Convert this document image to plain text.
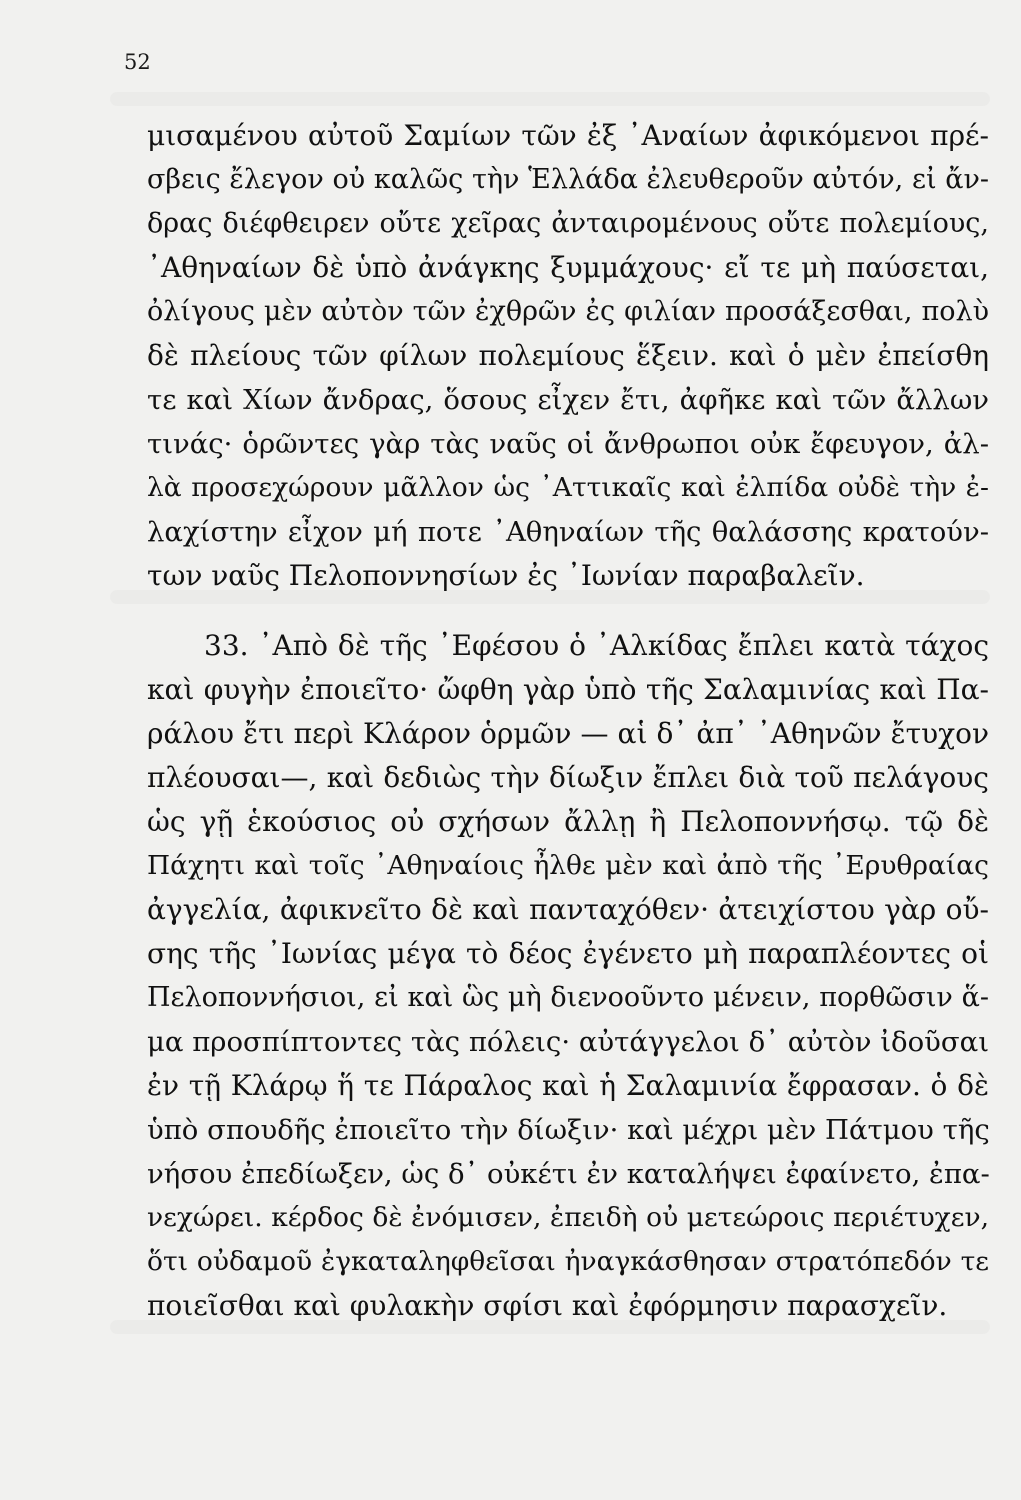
52
μισαμένου αὐτοῦ Σαμίων τῶν ἐξ ᾿Αναίων ἀφικόμενοι πρέ-
σβεις ἔλεγον οὐ καλῶς τὴν Ἑλλάδα ἐλευθεροῦν αὐτόν, εἰ ἄν-
δρας διέφθειρεν οὔτε χεῖρας ἀνταιρομένους οὔτε πολεμίους,
᾿Αθηναίων δὲ ὑπὸ ἀνάγκης ξυμμάχους· εἴ τε μὴ παύσεται,
ὀλίγους μὲν αὐτὸν τῶν ἐχθρῶν ἐς φιλίαν προσάξεσθαι, πολὺ
δὲ πλείους τῶν φίλων πολεμίους ἕξειν. καὶ ὁ μὲν ἐπείσθη
τε καὶ Χίων ἄνδρας, ὅσους εἶχεν ἔτι, ἀφῆκε καὶ τῶν ἄλλων
τινάς· ὁρῶντες γὰρ τὰς ναῦς οἱ ἄνθρωποι οὐκ ἔφευγον, ἀλ-
λὰ προσεχώρουν μᾶλλον ὡς ᾿Αττικαῖς καὶ ἐλπίδα οὐδὲ τὴν ἐ-
λαχίστην εἶχον μή ποτε ᾿Αθηναίων τῆς θαλάσσης κρατούν-
των ναῦς Πελοποννησίων ἐς ᾿Ιωνίαν παραβαλεῖν.
33. ᾿Απὸ δὲ τῆς ᾿Εφέσου ὁ ᾿Αλκίδας ἔπλει κατὰ τάχος
καὶ φυγὴν ἐποιεῖτο· ὤφθη γὰρ ὑπὸ τῆς Σαλαμινίας καὶ Πα-
ράλου ἔτι περὶ Κλάρον ὁρμῶν — αἱ δ᾿ ἀπ᾿ ᾿Αθηνῶν ἔτυχον
πλέουσαι—, καὶ δεδιὼς τὴν δίωξιν ἔπλει διὰ τοῦ πελάγους
ὡς γῇ ἑκούσιος οὐ σχήσων ἄλλῃ ἢ Πελοποννήσῳ. τῷ δὲ
Πάχητι καὶ τοῖς ᾿Αθηναίοις ἦλθε μὲν καὶ ἀπὸ τῆς ᾿Ερυθραίας
ἀγγελία, ἀφικνεῖτο δὲ καὶ πανταχόθεν· ἀτειχίστου γὰρ οὔ-
σης τῆς ᾿Ιωνίας μέγα τὸ δέος ἐγένετο μὴ παραπλέοντες οἱ
Πελοποννήσιοι, εἰ καὶ ὣς μὴ διενοοῦντο μένειν, πορθῶσιν ἅ-
μα προσπίπτοντες τὰς πόλεις· αὐτάγγελοι δ᾿ αὐτὸν ἰδοῦσαι
ἐν τῇ Κλάρῳ ἥ τε Πάραλος καὶ ἡ Σαλαμινία ἔφρασαν. ὁ δὲ
ὑπὸ σπουδῆς ἐποιεῖτο τὴν δίωξιν· καὶ μέχρι μὲν Πάτμου τῆς
νήσου ἐπεδίωξεν, ὡς δ᾿ οὐκέτι ἐν καταλήψει ἐφαίνετο, ἐπα-
νεχώρει. κέρδος δὲ ἐνόμισεν, ἐπειδὴ οὐ μετεώροις περιέτυχεν,
ὅτι οὐδαμοῦ ἐγκαταληφθεῖσαι ἠναγκάσθησαν στρατόπεδόν τε
ποιεῖσθαι καὶ φυλακὴν σφίσι καὶ ἐφόρμησιν παρασχεῖν.
